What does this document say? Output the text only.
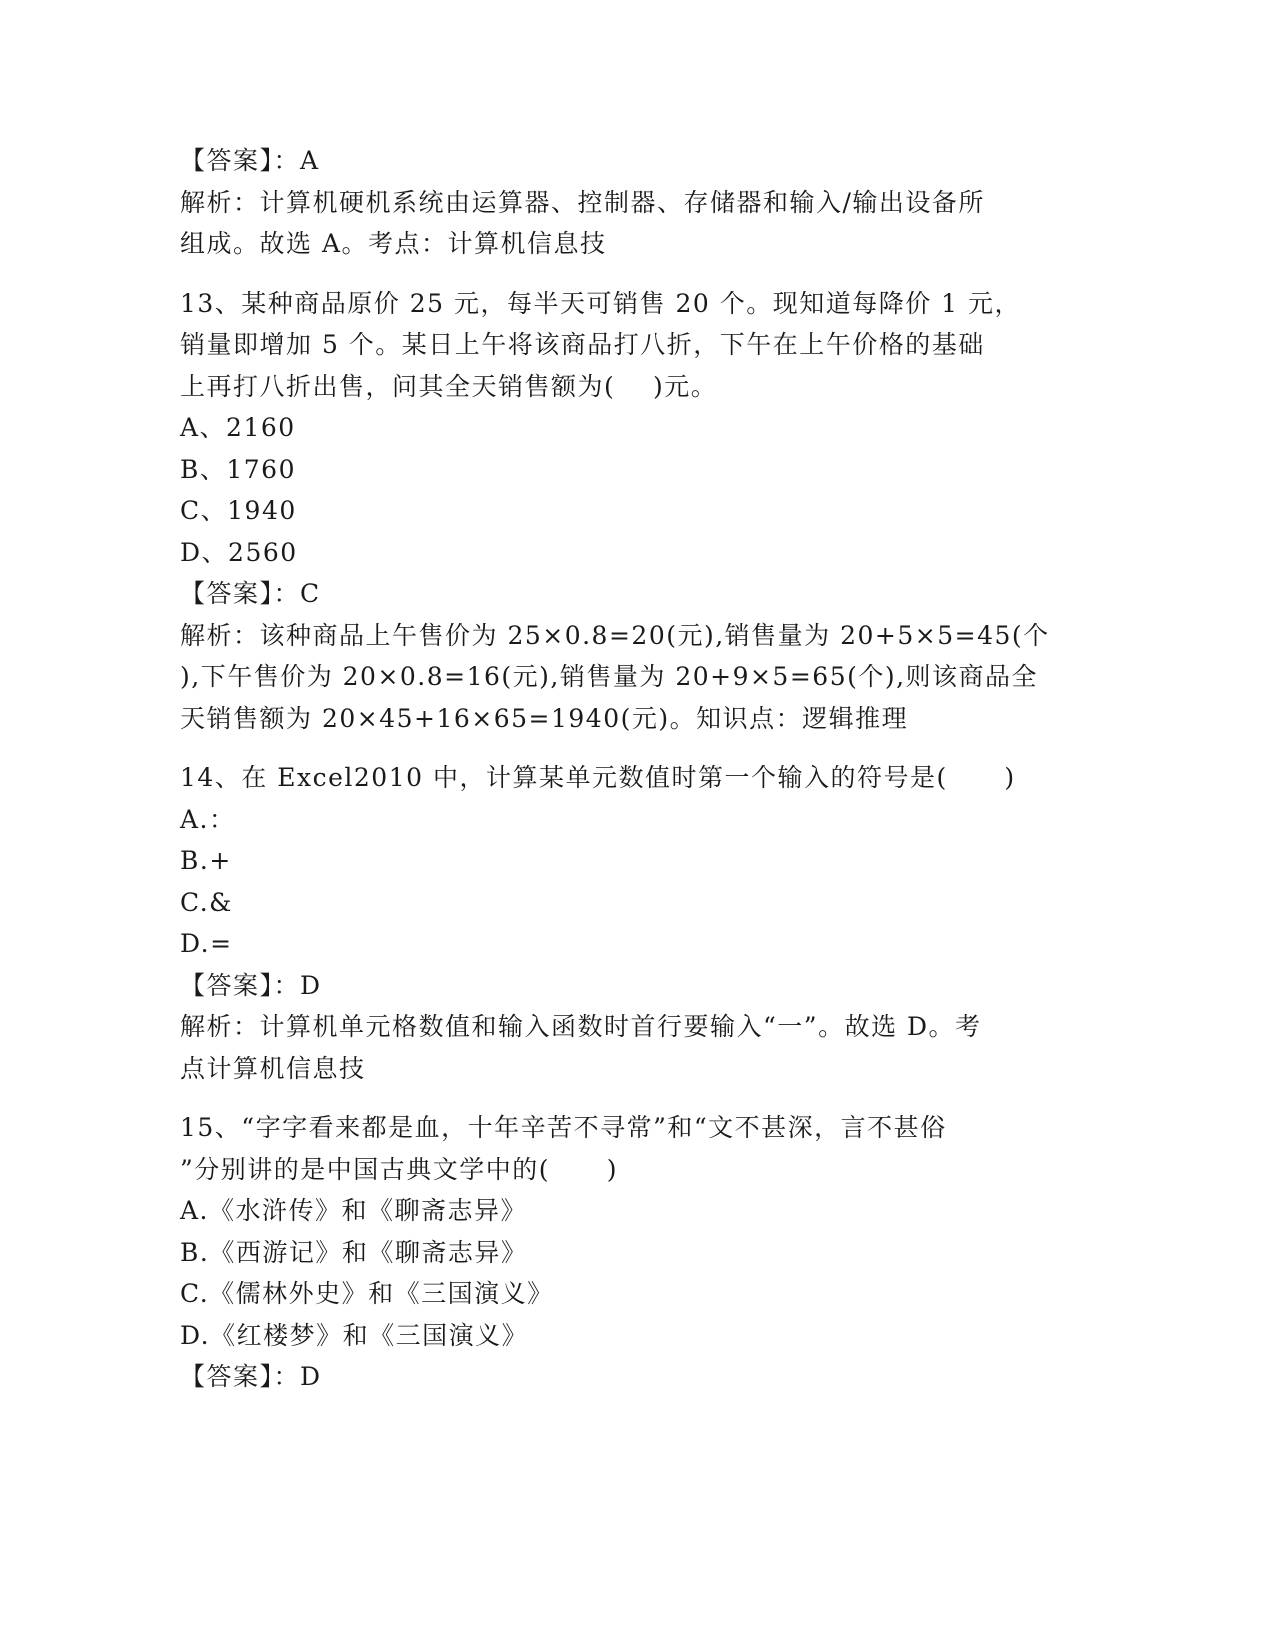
【答案】：A
解析：计算机硬机系统由运算器、控制器、存储器和输入/输出设备所
组成。故选 A。考点：计算机信息技
13、某种商品原价 25 元，每半天可销售 20 个。现知道每降价 1 元，
销量即增加 5 个。某日上午将该商品打八折，下午在上午价格的基础
上再打八折出售，问其全天销售额为(    )元。
A、2160
B、1760
C、1940
D、2560
【答案】：C
解析：该种商品上午售价为 25×0.8=20(元),销售量为 20+5×5=45(个
),下午售价为 20×0.8=16(元),销售量为 20+9×5=65(个),则该商品全
天销售额为 20×45+16×65=1940(元)。知识点：逻辑推理
14、在 Excel2010 中，计算某单元数值时第一个输入的符号是(      )
A.：
B.+
C.&
D.=
【答案】：D
解析：计算机单元格数值和输入函数时首行要输入“一”。故选 D。考
点计算机信息技
15、“字字看来都是血，十年辛苦不寻常”和“文不甚深，言不甚俗
”分别讲的是中国古典文学中的(      )
A.《水浒传》和《聊斋志异》
B.《西游记》和《聊斋志异》
C.《儒林外史》和《三国演义》
D.《红楼梦》和《三国演义》
【答案】：D
